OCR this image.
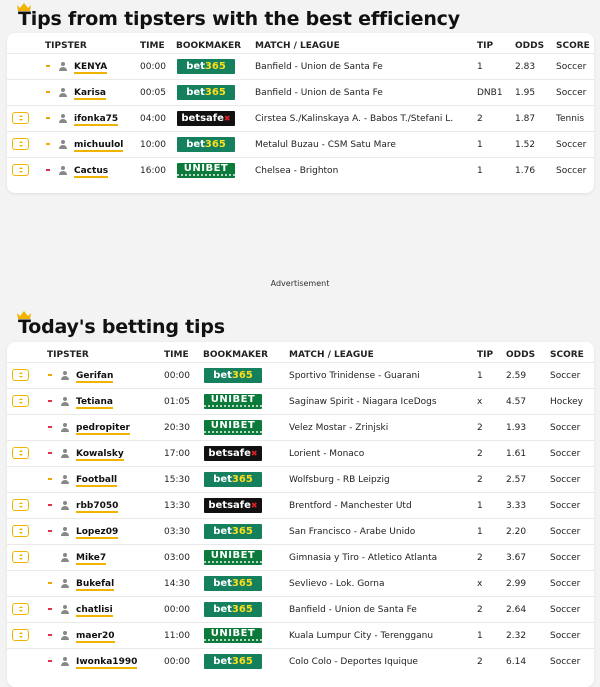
Tips from tipsters with the best efficiency
TIPSTER	TIME BOOKMAKER MATCH / LEAGUE	TIP ODDS SCORE
KENYA	00:00	bet365	Banfield - Union de Santa Fe	1	2.83 Soccer
Karisa	00:05	bet365	Banfield - Union de Santa Fe	DNB1 1.95 Soccer
ifonka75 04:00	betsafe✖	Cirstea S./Kalinskaya A. - Babos T./Stefani L.	2	1.87 Tennis
michuulol 10:00	bet365	Metalul Buzau - CSM Satu Mare	1	1.52 Soccer
Cactus	16:00	UNIBET	Chelsea - Brighton	1	1.76 Soccer
Advertisement
Today's betting tips
TIPSTER	TIME BOOKMAKER MATCH / LEAGUE	TIP ODDS SCORE
Gerifan	00:00	bet365	Sportivo Trinidense - Guarani	1	2.59	Soccer
Tetiana	01:05	UNIBET	Saginaw Spirit - Niagara IceDogs	x	4.57	Hockey
pedropiter	20:30	UNIBET	Velez Mostar - Zrinjski	2	1.93	Soccer
Kowalsky	17:00	betsafe✖	Lorient - Monaco	2	1.61	Soccer
Football	15:30	bet365	Wolfsburg - RB Leipzig	2	2.57	Soccer
rbb7050	13:30	betsafe✖	Brentford - Manchester Utd	1	3.33	Soccer
Lopez09	03:30	bet365	San Francisco - Arabe Unido	1	2.20	Soccer
Mike7	03:00	UNIBET	Gimnasia y Tiro - Atletico Atlanta	2	3.67	Soccer
Bukefal	14:30	bet365	Sevlievo - Lok. Gorna	x	2.99	Soccer
chatlisi	00:00	bet365	Banfield - Union de Santa Fe	2	2.64	Soccer
maer20	11:00	UNIBET	Kuala Lumpur City - Terengganu	1	2.32	Soccer
Iwonka1990	00:00	bet365	Colo Colo - Deportes Iquique	2	6.14	Soccer
